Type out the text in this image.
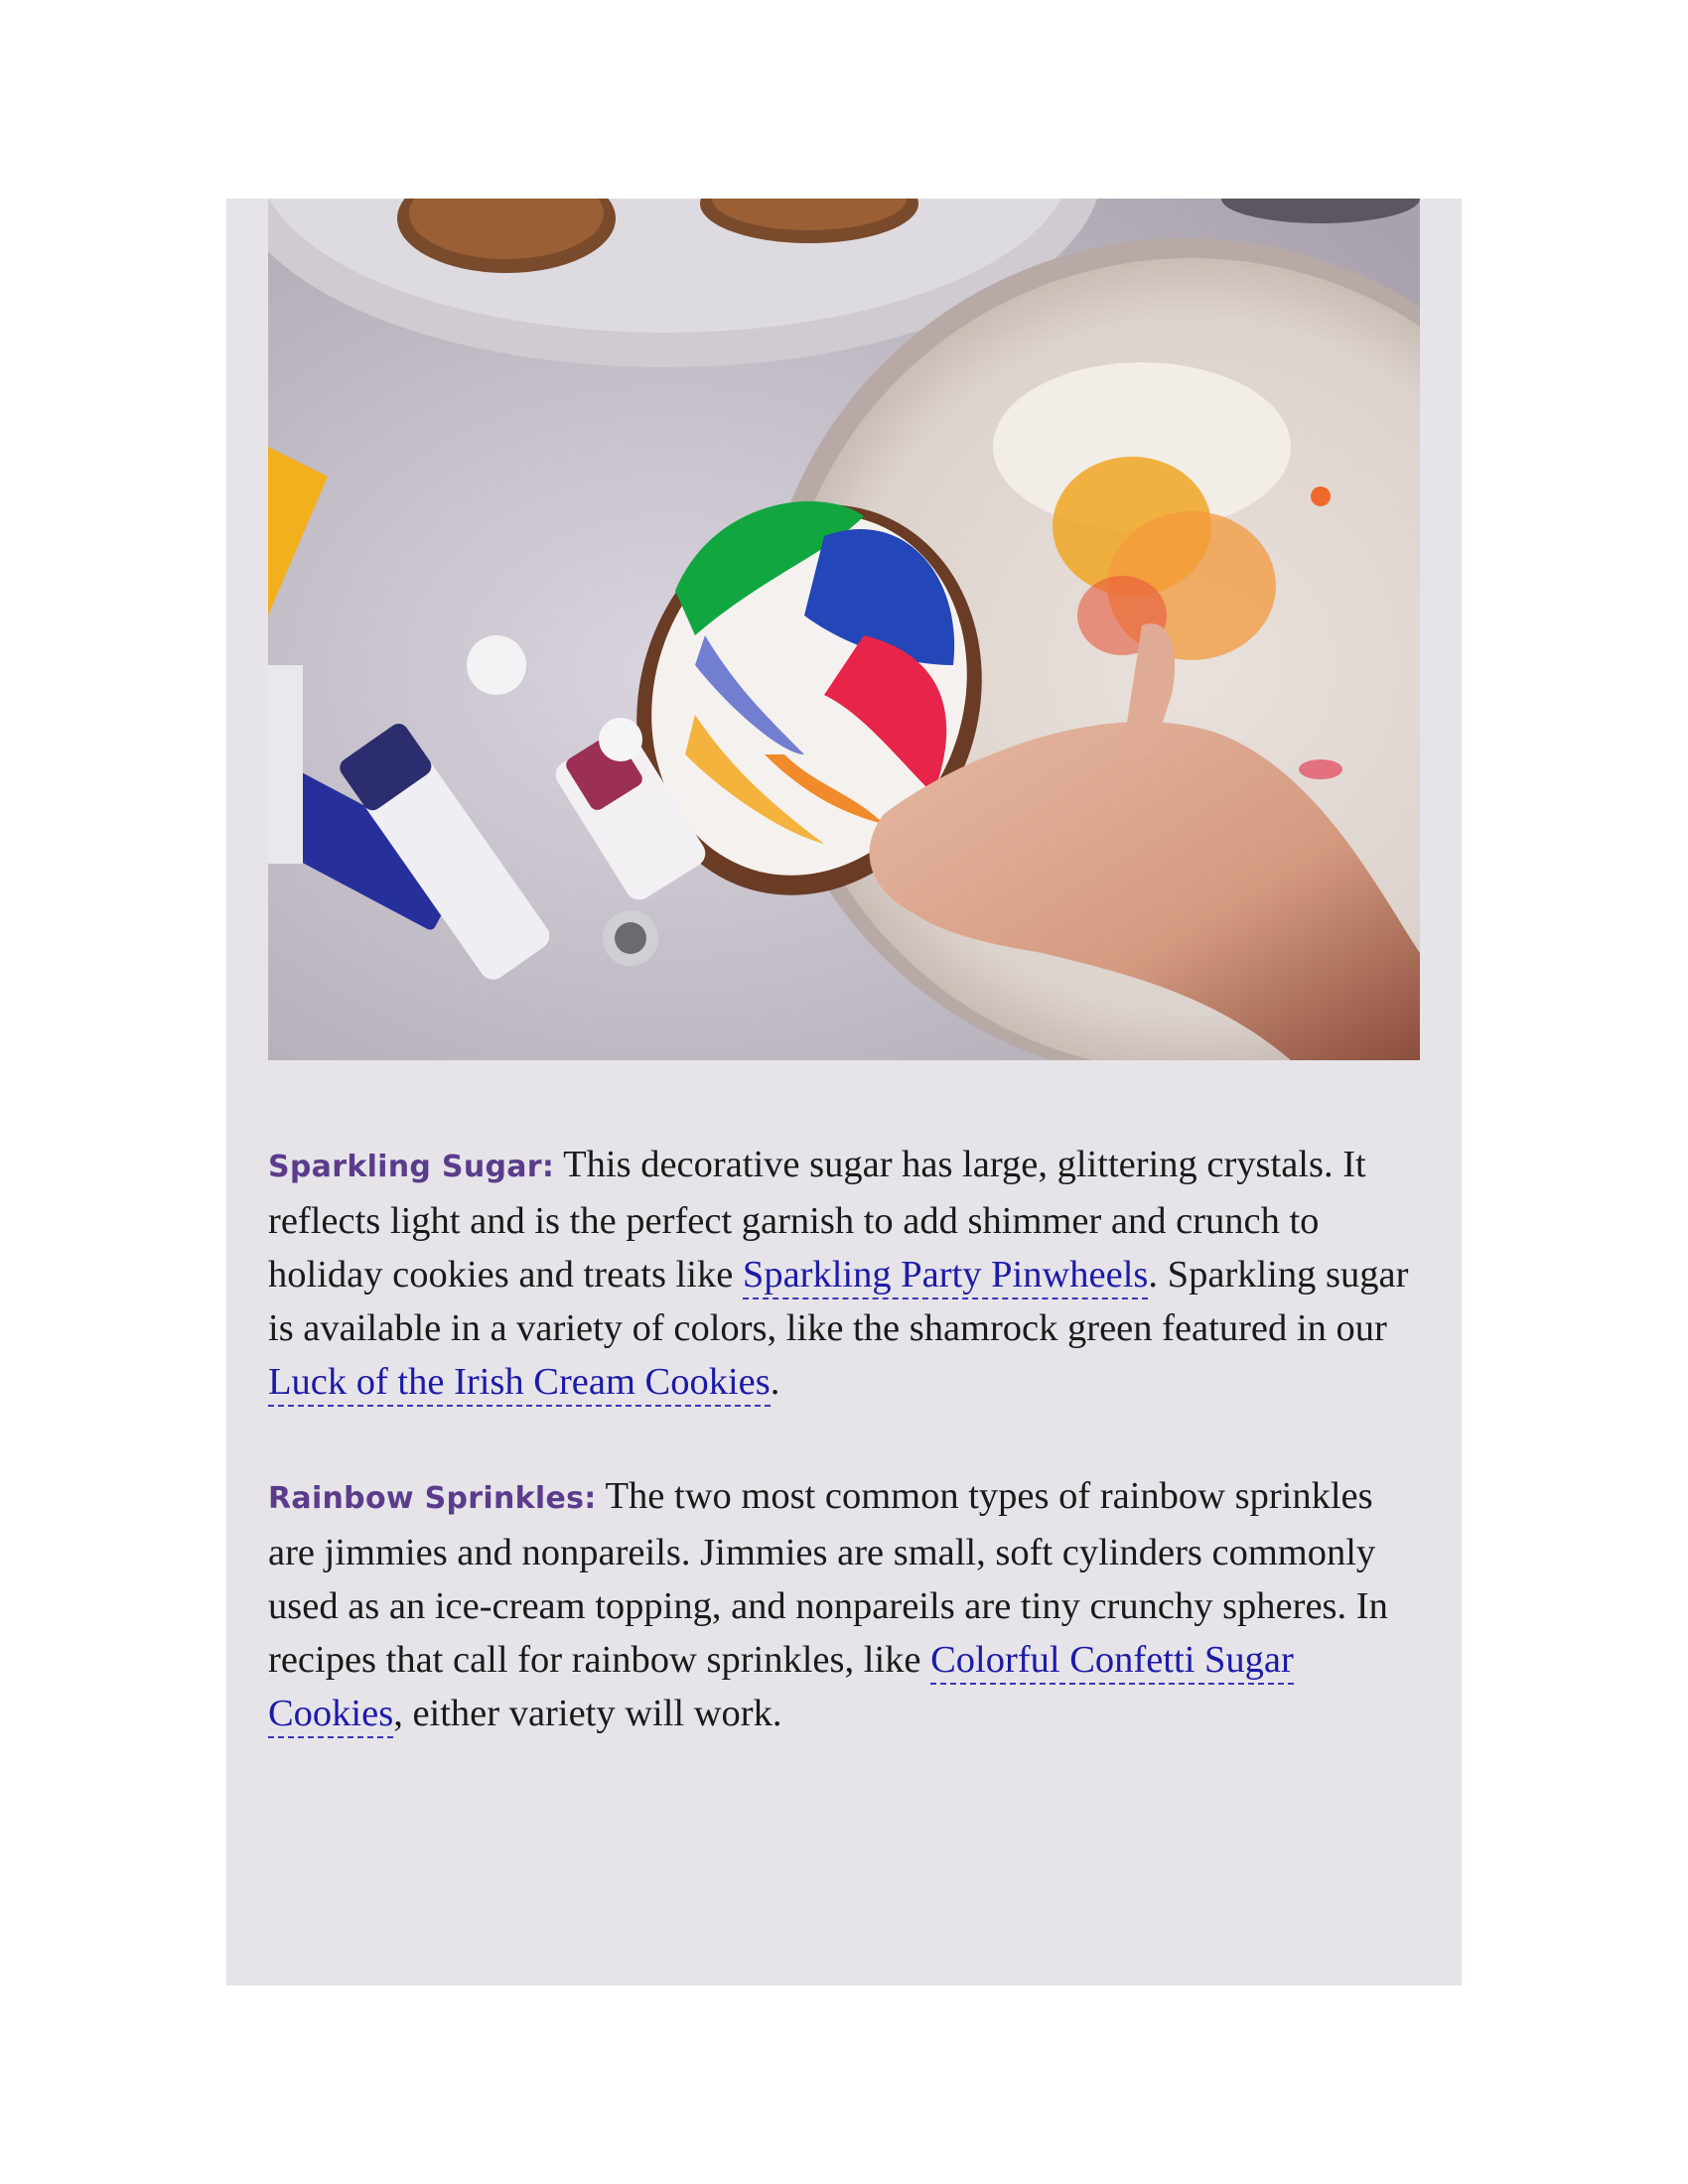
Sparkling Sugar: This decorative sugar has large, glittering crystals. It reflects light and is the perfect garnish to add shimmer and crunch to holiday cookies and treats like Sparkling Party Pinwheels. Sparkling sugar is available in a variety of colors, like the shamrock green featured in our Luck of the Irish Cream Cookies.
Rainbow Sprinkles: The two most common types of rainbow sprinkles are jimmies and nonpareils. Jimmies are small, soft cylinders commonly used as an ice-cream topping, and nonpareils are tiny crunchy spheres. In recipes that call for rainbow sprinkles, like Colorful Confetti Sugar Cookies, either variety will work.
